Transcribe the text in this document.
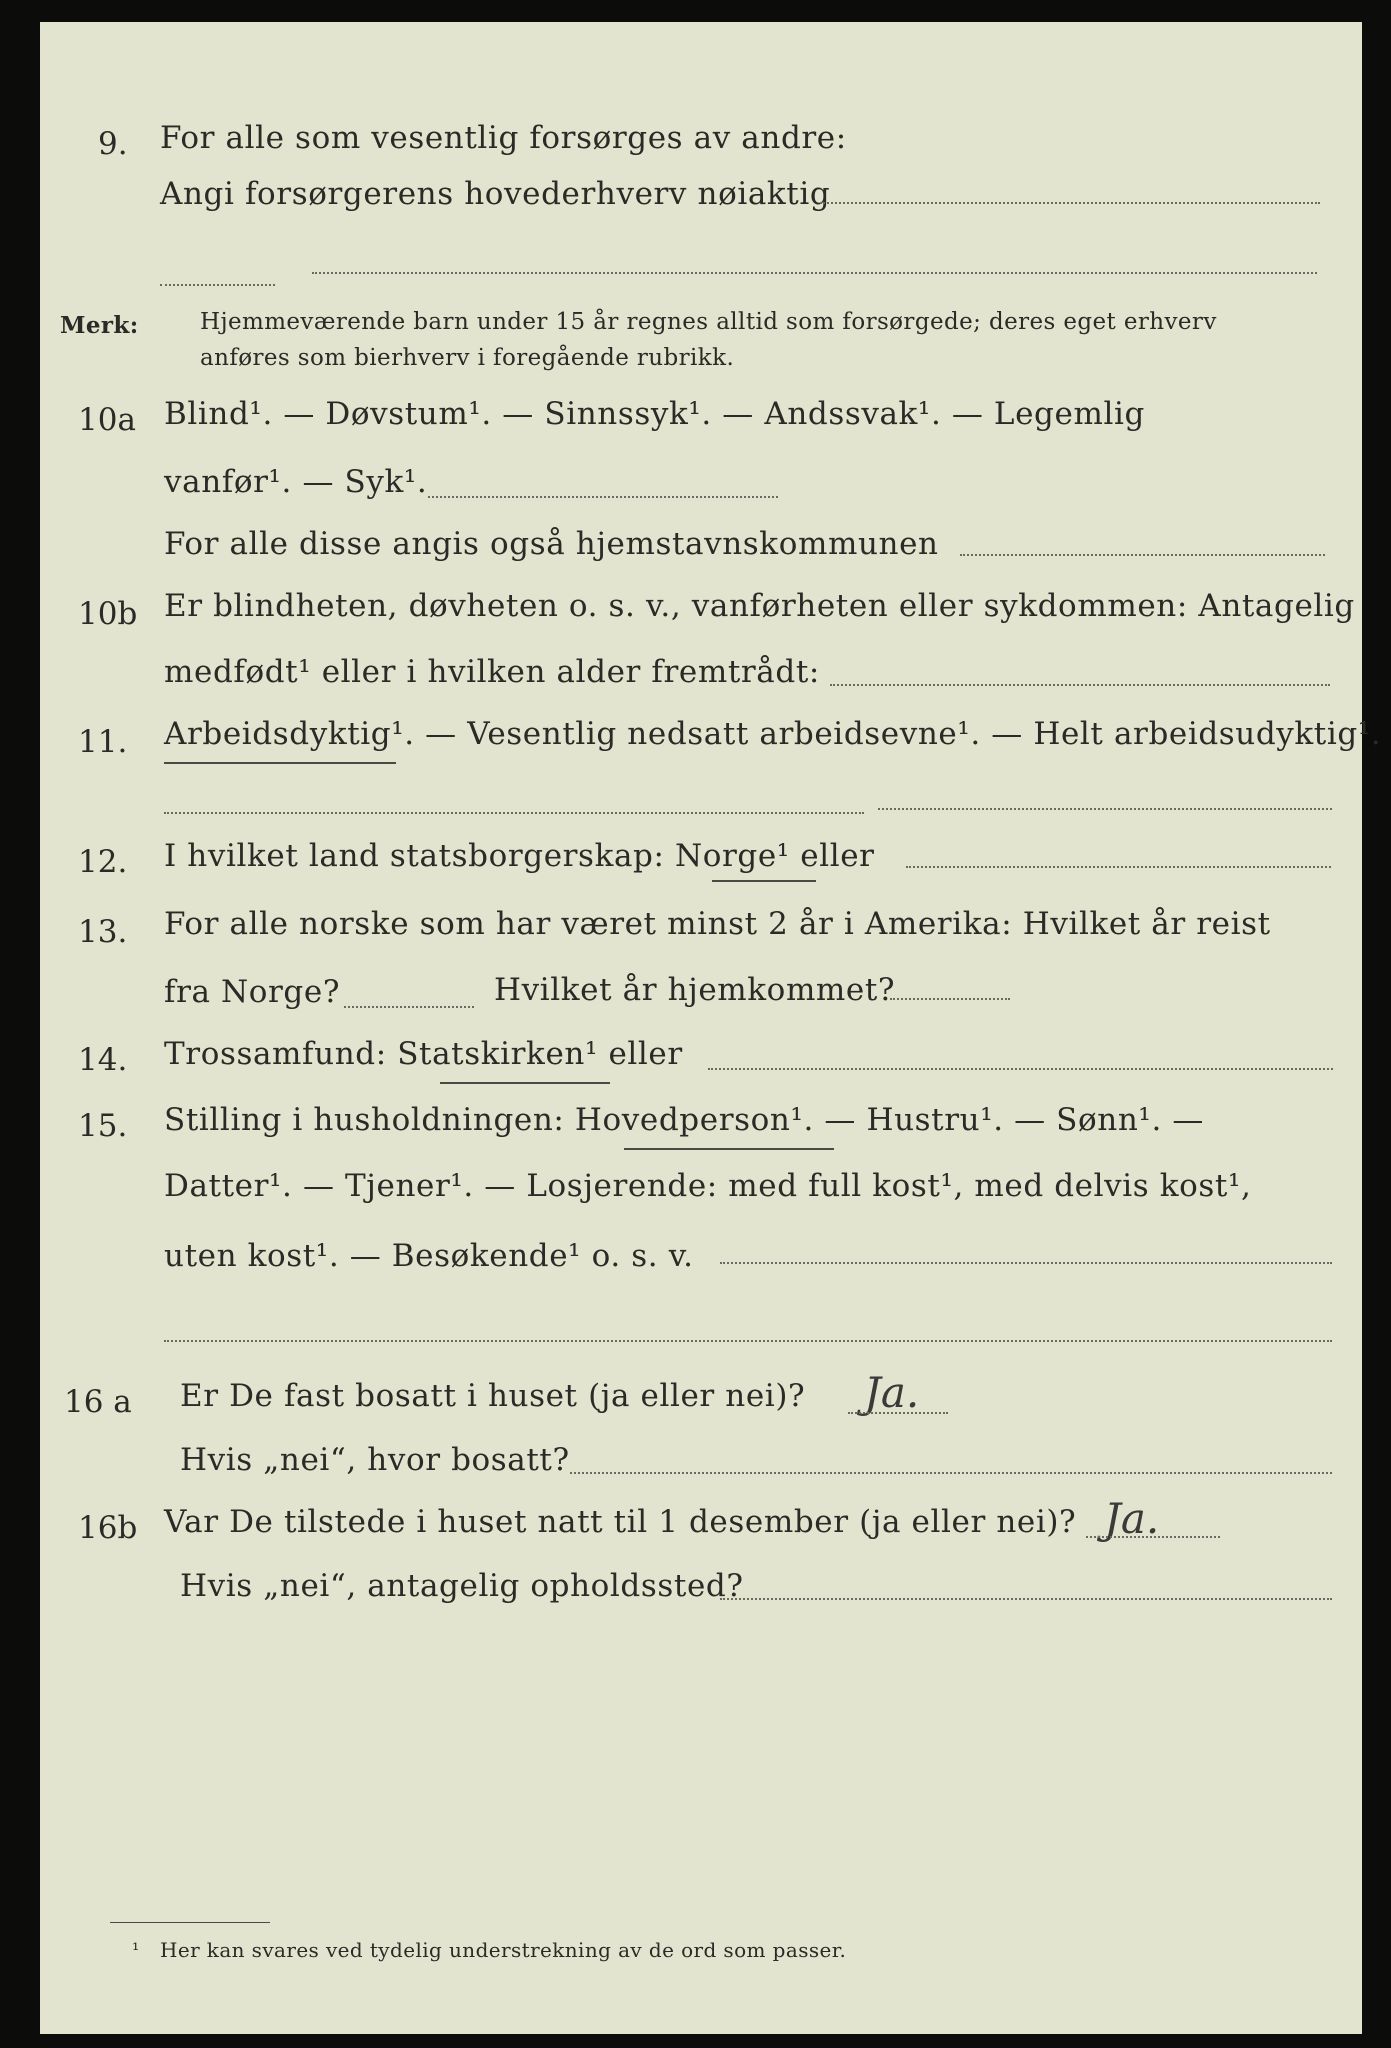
9. For alle som vesentlig forsørges av andre:
Angi forsørgerens hovederhverv nøiaktig
Merk:	Hjemmeværende barn under 15 år regnes alltid som forsørgede; deres eget erhverv
anføres som bierhverv i foregående rubrikk.
10a Blind¹. — Døvstum¹. — Sinnssyk¹. — Andssvak¹. — Legemlig
vanfør¹. — Syk¹.
For alle disse angis også hjemstavnskommunen
10b Er blindheten, døvheten o. s. v., vanførheten eller sykdommen: Antagelig
medfødt¹ eller i hvilken alder fremtrådt:
11. Arbeidsdyktig¹. — Vesentlig nedsatt arbeidsevne¹. — Helt arbeidsudyktig¹.
12. I hvilket land statsborgerskap: Norge¹ eller
13. For alle norske som har været minst 2 år i Amerika: Hvilket år reist
fra Norge?	Hvilket år hjemkommet?
14. Trossamfund: Statskirken¹ eller
15. Stilling i husholdningen: Hovedperson¹. — Hustru¹. — Sønn¹. —
Datter¹. — Tjener¹. — Losjerende: med full kost¹, med delvis kost¹,
uten kost¹. — Besøkende¹ o. s. v.
16 a Er De fast bosatt i huset (ja eller nei)? Ja.
Hvis „nei“, hvor bosatt?
16b Var De tilstede i huset natt til 1 desember (ja eller nei)? Ja.
Hvis „nei“, antagelig opholdssted?
¹ Her kan svares ved tydelig understrekning av de ord som passer.
